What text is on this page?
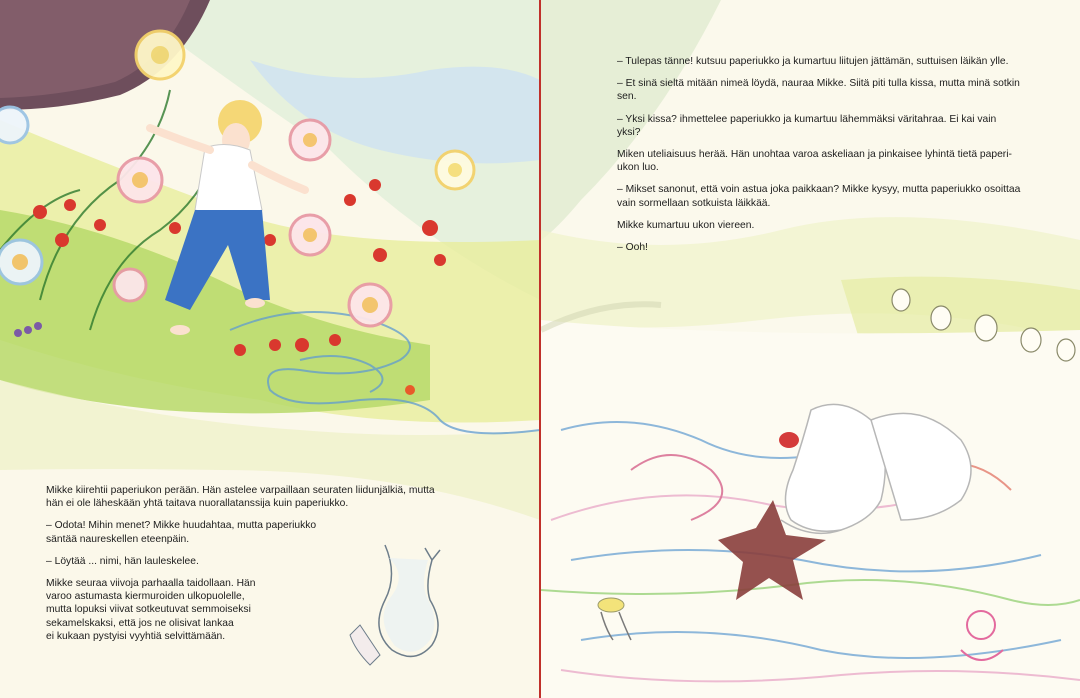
Mikke kiirehtii paperiukon perään. Hän astelee varpaillaan seuraten liidunjälkiä, mutta
hän ei ole läheskään yhtä taitava nuorallatanssija kuin paperiukko.

– Odota! Mihin menet? Mikke huudahtaa, mutta paperiukko
säntää naureskellen eteenpäin.

– Löytää ... nimi, hän lauleskelee.

Mikke seuraa viivoja parhaalla taidollaan. Hän
varoo astumasta kiermuroiden ulkopuolelle,
mutta lopuksi viivat sotkeutuvat semmoiseksi
sekamelskaksi, että jos ne olisivat lankaa
ei kukaan pystyisi vyyhtiä selvittämään.

– Tulepas tänne! kutsuu paperiukko ja kumartuu liitujen jättämän, suttuisen läikän ylle.

– Et sinä sieltä mitään nimeä löydä, nauraa Mikke. Siitä piti tulla kissa, mutta minä sotkin
sen.

– Yksi kissa? ihmettelee paperiukko ja kumartuu lähemmäksi väritahraa. Ei kai vain yksi?

Miken uteliaisuus herää. Hän unohtaa varoa askeliaan ja pinkaisee lyhintä tietä paperi-
ukon luo.

– Mikset sanonut, että voin astua joka paikkaan? Mikke kysyy, mutta paperiukko osoittaa
vain sormellaan sotkuista läikkää.

Mikke kumartuu ukon viereen.

– Ooh!
